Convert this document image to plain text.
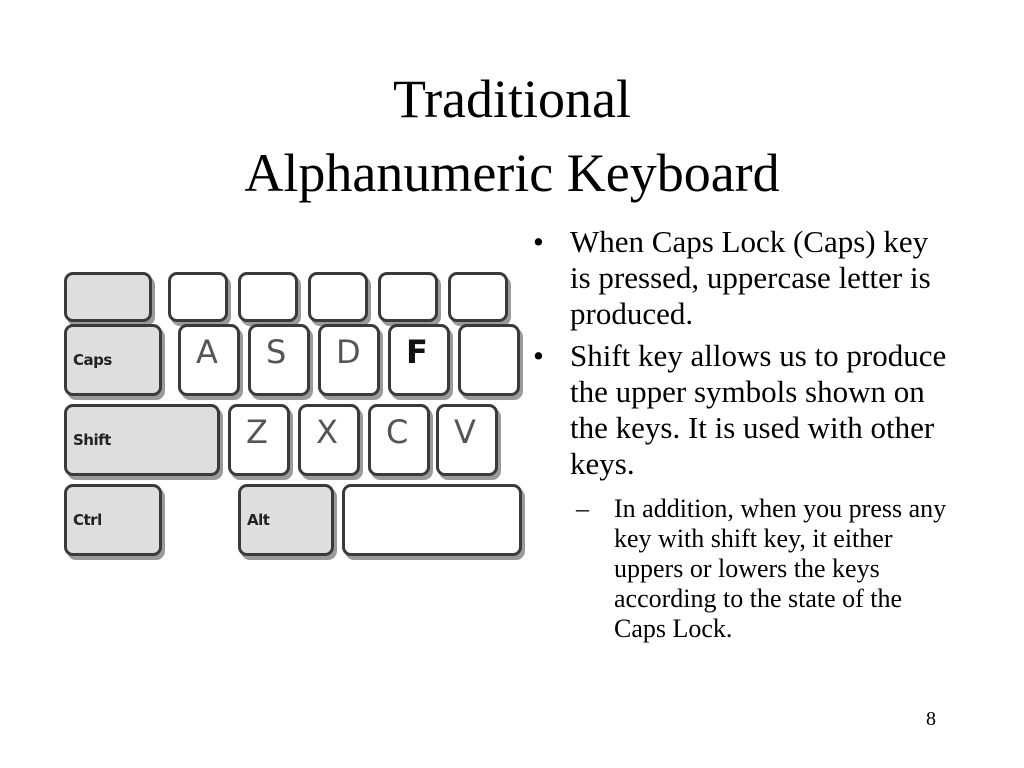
Traditional
Alphanumeric Keyboard
Caps	A S D F
Shift	Z X C V
Ctrl	Alt
• When Caps Lock (Caps) key is pressed, uppercase letter is produced.
• Shift key allows us to produce the upper symbols shown on the keys. It is used with other keys.
– In addition, when you press any key with shift key, it either uppers or lowers the keys according to the state of the Caps Lock.
8
